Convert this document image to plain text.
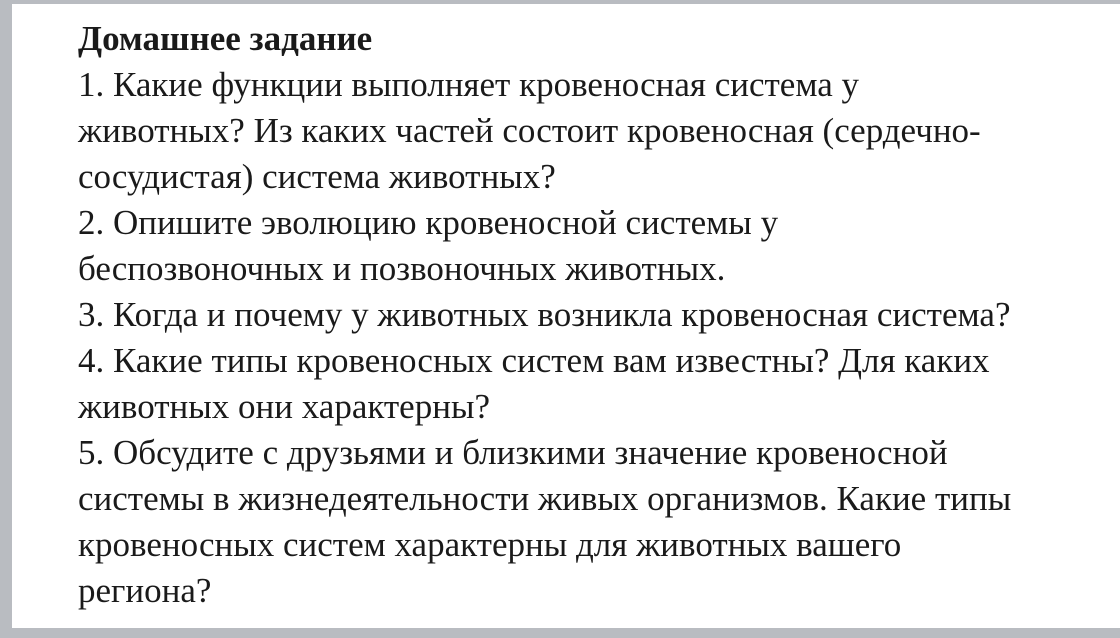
Домашнее задание

1. Какие функции выполняет кровеносная система у

животных? Из каких частей состоит кровеносная (сердечно-

сосудистая) система животных?

2. Опишите эволюцию кровеносной системы у

беспозвоночных и позвоночных животных.

3. Когда и почему у животных возникла кровеносная система?

4. Какие типы кровеносных систем вам известны? Для каких

животных они характерны?

5. Обсудите с друзьями и близкими значение кровеносной

системы в жизнедеятельности живых организмов. Какие типы

кровеносных систем характерны для животных вашего

региона?
